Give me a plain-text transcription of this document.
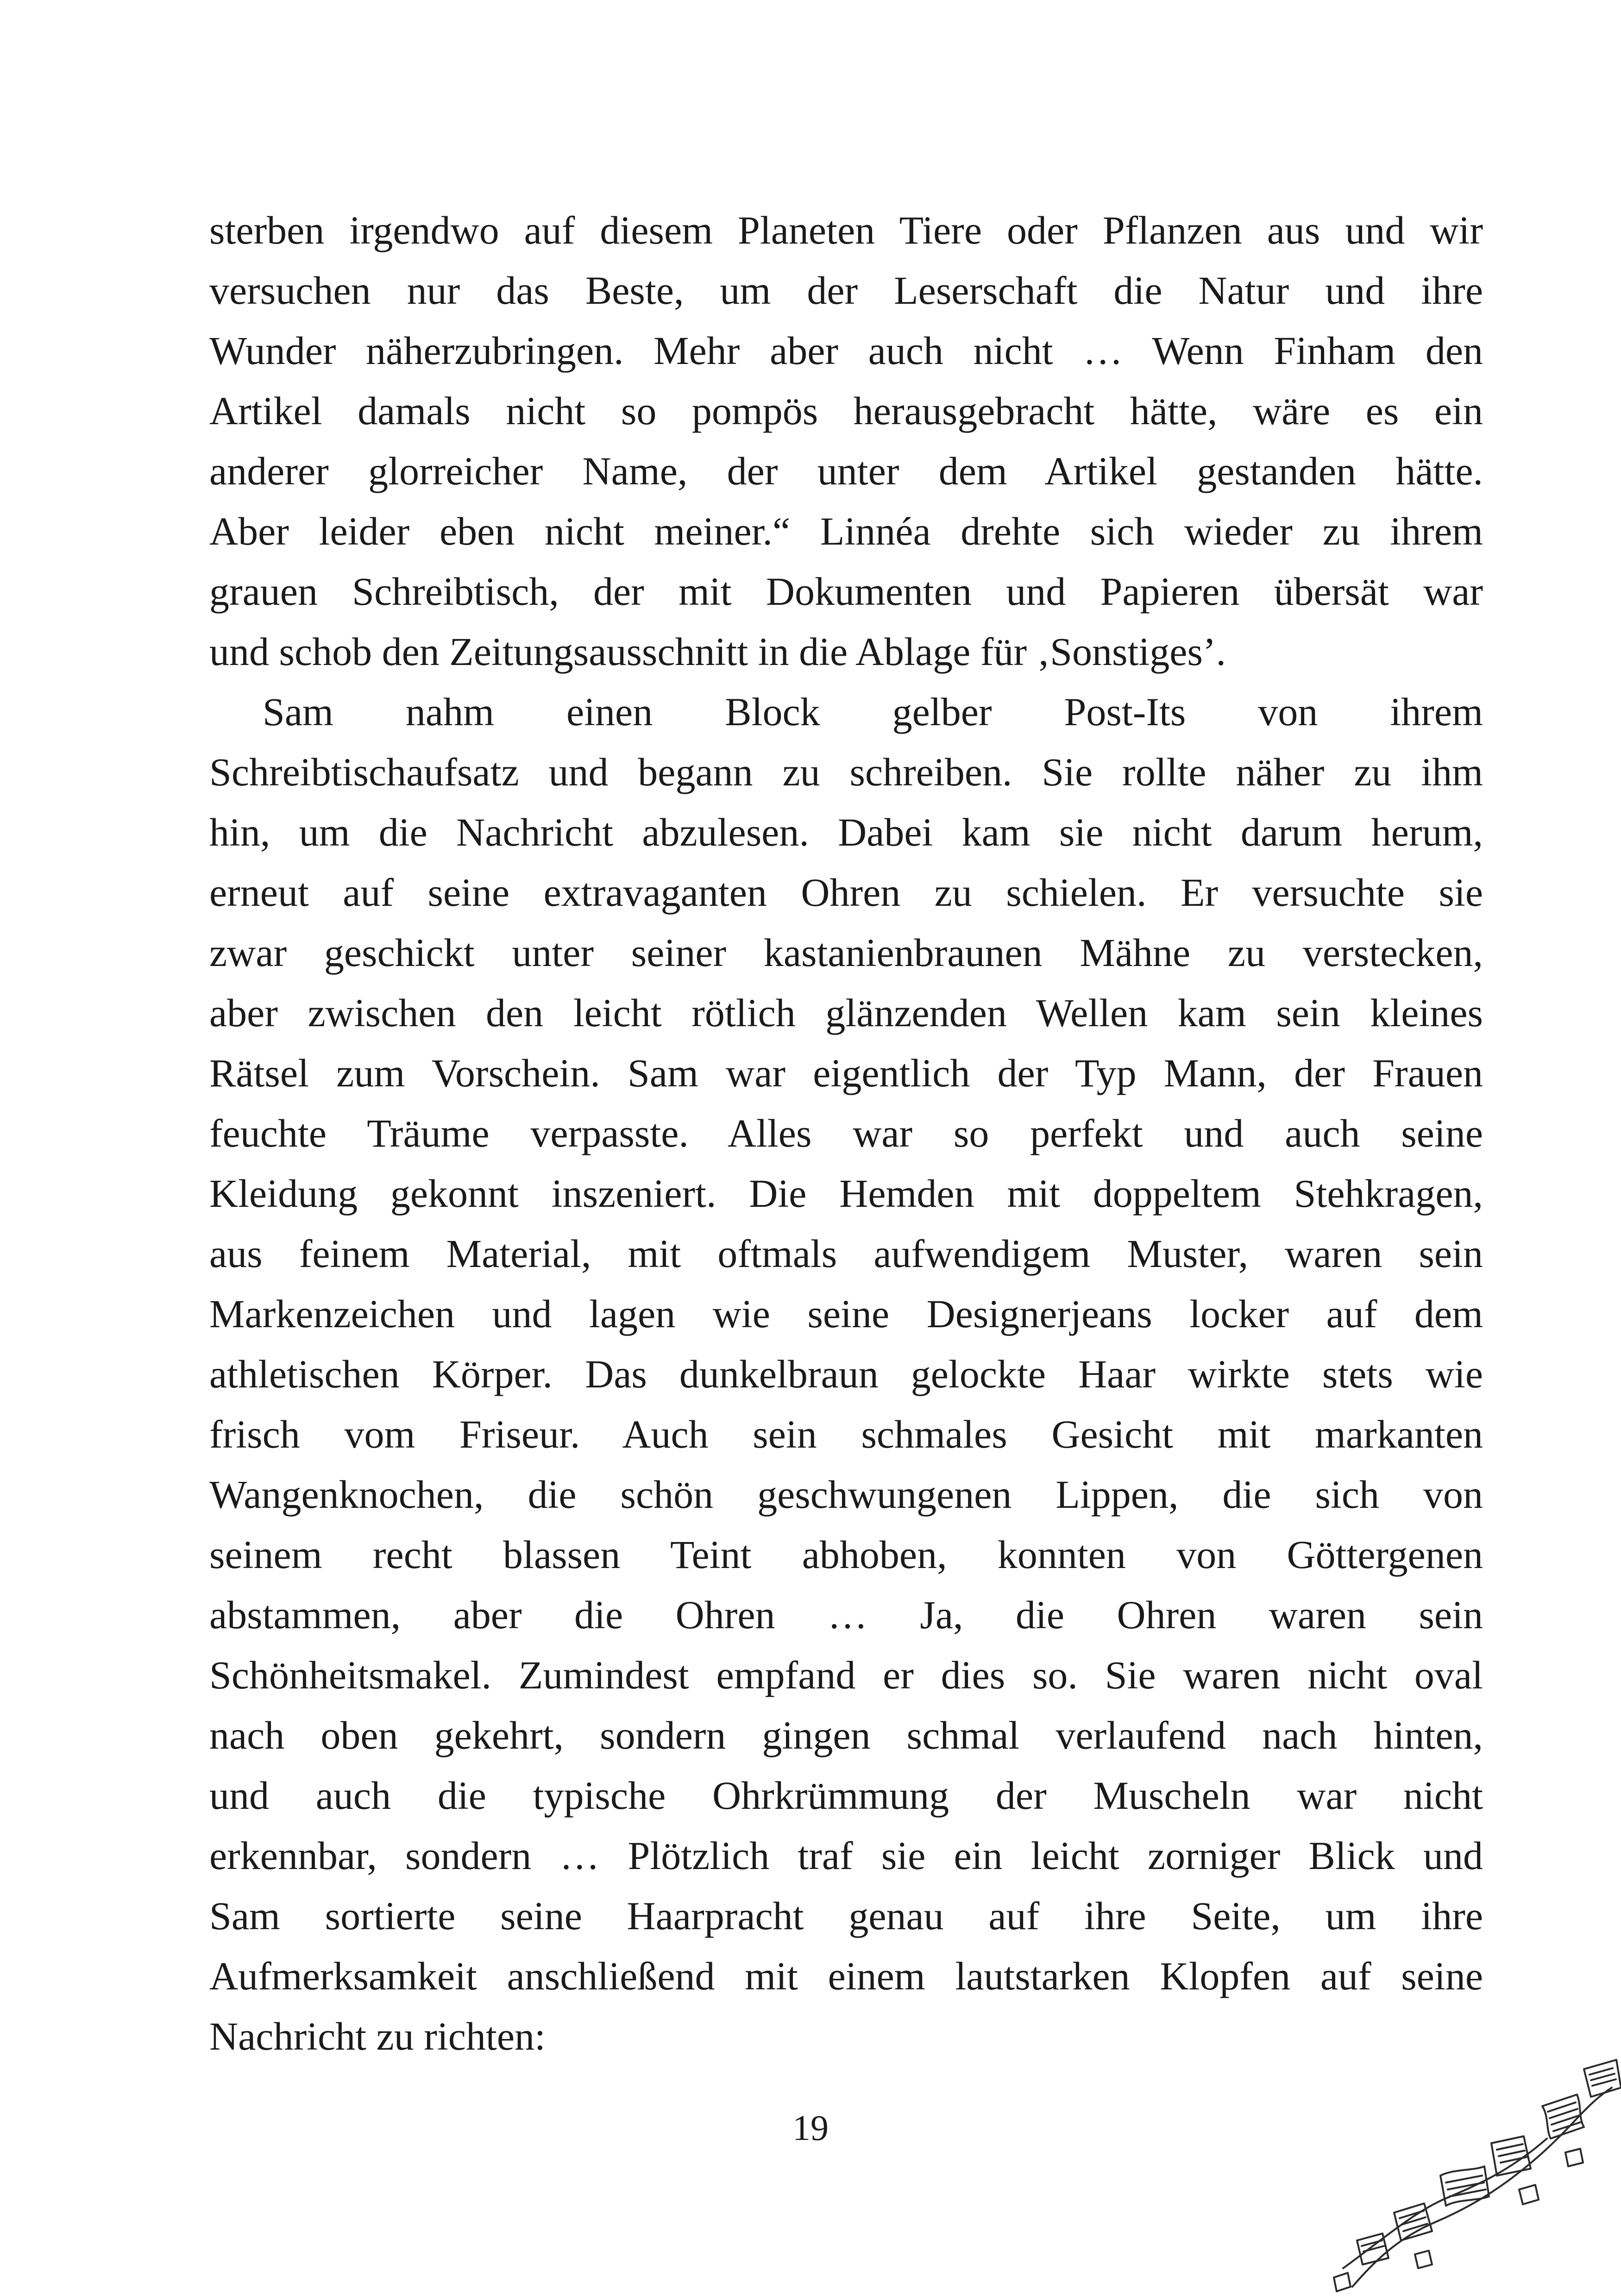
sterben irgendwo auf diesem Planeten Tiere oder Pflanzen aus und wir
versuchen nur das Beste, um der Leserschaft die Natur und ihre
Wunder näherzubringen. Mehr aber auch nicht … Wenn Finham den
Artikel damals nicht so pompös herausgebracht hätte, wäre es ein
anderer glorreicher Name, der unter dem Artikel gestanden hätte.
Aber leider eben nicht meiner.“ Linnéa drehte sich wieder zu ihrem
grauen Schreibtisch, der mit Dokumenten und Papieren übersät war
und schob den Zeitungsausschnitt in die Ablage für ‚Sonstiges’.
Sam nahm einen Block gelber Post-Its von ihrem
Schreibtischaufsatz und begann zu schreiben. Sie rollte näher zu ihm
hin, um die Nachricht abzulesen. Dabei kam sie nicht darum herum,
erneut auf seine extravaganten Ohren zu schielen. Er versuchte sie
zwar geschickt unter seiner kastanienbraunen Mähne zu verstecken,
aber zwischen den leicht rötlich glänzenden Wellen kam sein kleines
Rätsel zum Vorschein. Sam war eigentlich der Typ Mann, der Frauen
feuchte Träume verpasste. Alles war so perfekt und auch seine
Kleidung gekonnt inszeniert. Die Hemden mit doppeltem Stehkragen,
aus feinem Material, mit oftmals aufwendigem Muster, waren sein
Markenzeichen und lagen wie seine Designerjeans locker auf dem
athletischen Körper. Das dunkelbraun gelockte Haar wirkte stets wie
frisch vom Friseur. Auch sein schmales Gesicht mit markanten
Wangenknochen, die schön geschwungenen Lippen, die sich von
seinem recht blassen Teint abhoben, konnten von Göttergenen
abstammen, aber die Ohren … Ja, die Ohren waren sein
Schönheitsmakel. Zumindest empfand er dies so. Sie waren nicht oval
nach oben gekehrt, sondern gingen schmal verlaufend nach hinten,
und auch die typische Ohrkrümmung der Muscheln war nicht
erkennbar, sondern … Plötzlich traf sie ein leicht zorniger Blick und
Sam sortierte seine Haarpracht genau auf ihre Seite, um ihre
Aufmerksamkeit anschließend mit einem lautstarken Klopfen auf seine
Nachricht zu richten:
19
